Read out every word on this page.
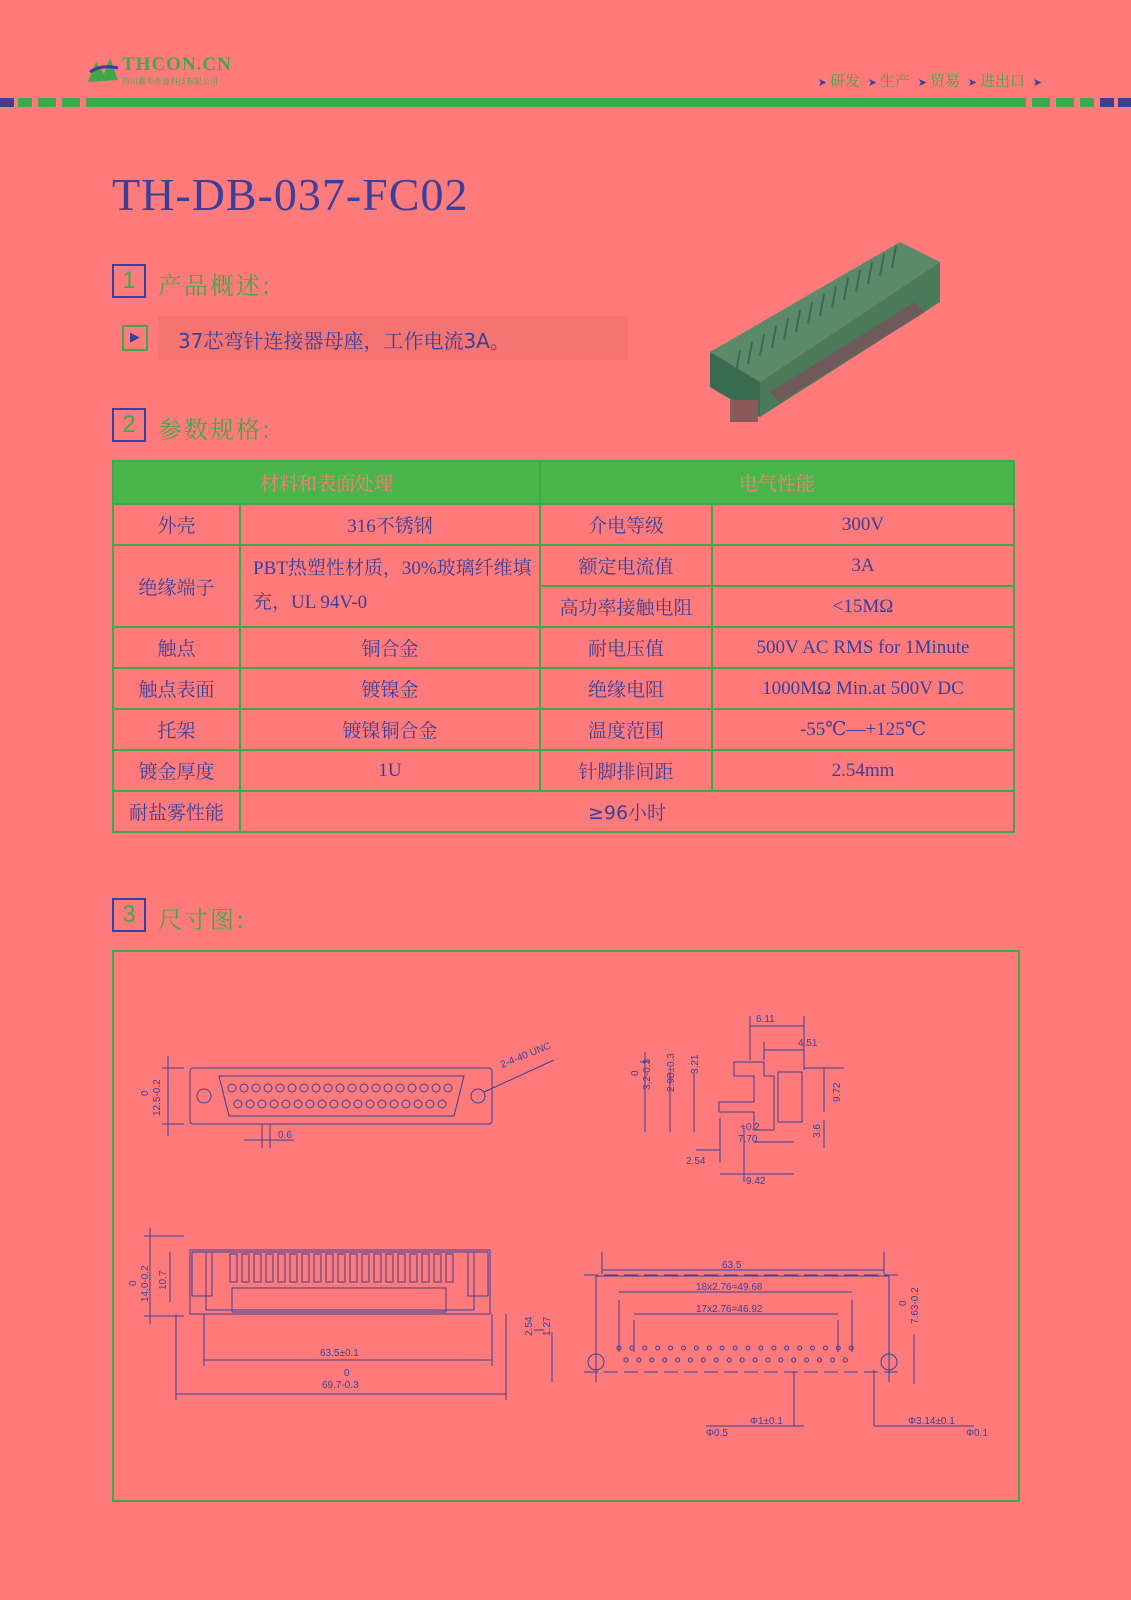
THCON.CN
四川腾华晋源科技有限公司	➤ 研发 ➤ 生产 ➤ 贸易 ➤ 进出口 ➤
TH-DB-037-FC02
1 产品概述:
▶	37芯弯针连接器母座，工作电流3A。
2 参数规格:
材料和表面处理		电气性能	
外壳	316不锈钢	介电等级	300V
绝缘端子	PBT热塑性材质，30%玻璃纤维填充，UL 94V-0	额定电流值	3A
		高功率接触电阻	<15MΩ
触点	铜合金	耐电压值	500V AC RMS for 1Minute
触点表面	镀镍金	绝缘电阻	1000MΩ Min.at 500V DC
托架	镀镍铜合金	温度范围	-55℃—+125℃
镀金厚度	1U	针脚排间距	2.54mm
耐盐雾性能	≥96小时		
3 尺寸图:
0 12.5-0.2
2-4-40 UNC
0.6
6.11
4.51
0 3.2-0.3 2.98±0.3 3.21
9.72
3.6
+0.2
7.70
2.54
9.42
0 14.0-0.2 10.7
63.5±0.1
0
69.7-0.3
63.5
18x2.76=49.68
17x2.76=46.92
2.54 1.27
0 7.63-0.2
Φ1±0.1
Φ0.5
Φ3.14±0.1
Φ0.1
